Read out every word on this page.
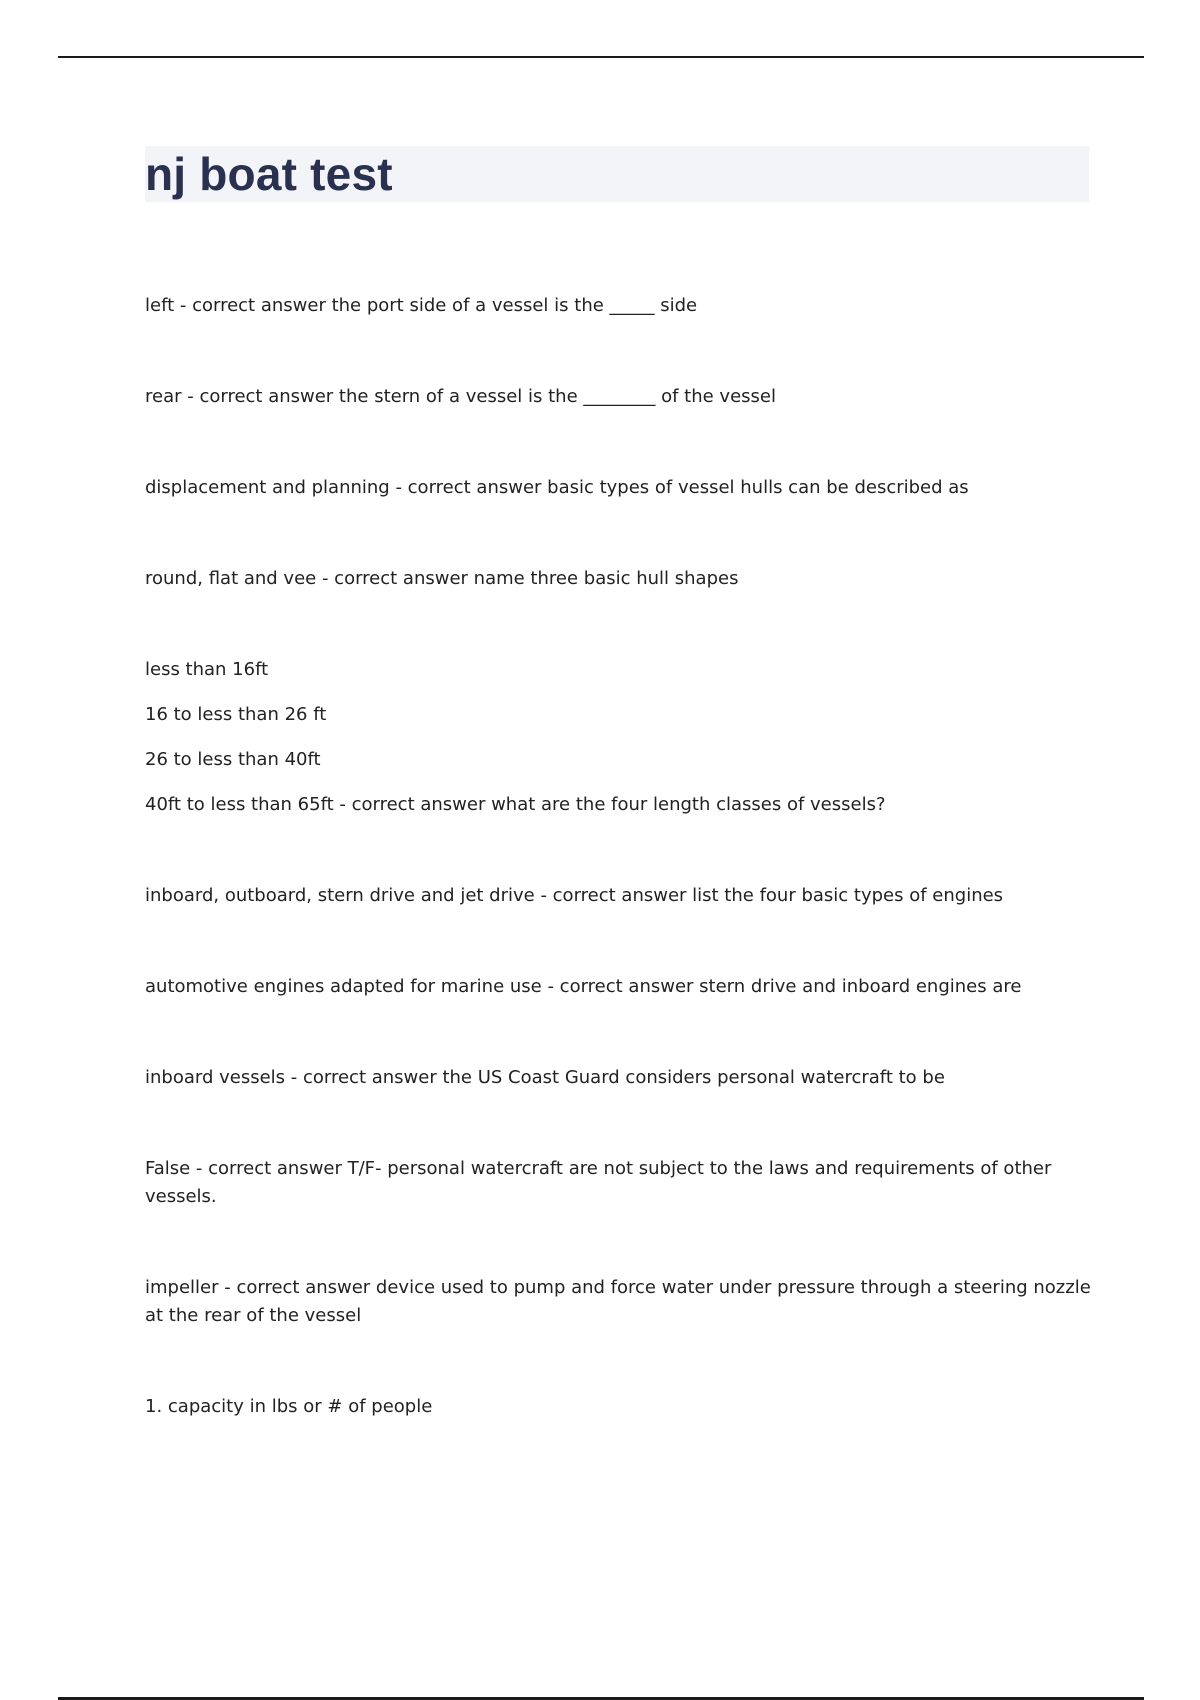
nj boat test

left - correct answer the port side of a vessel is the _____ side

rear - correct answer the stern of a vessel is the ________ of the vessel

displacement and planning - correct answer basic types of vessel hulls can be described as

round, flat and vee - correct answer name three basic hull shapes

less than 16ft

16 to less than 26 ft

26 to less than 40ft

40ft to less than 65ft - correct answer what are the four length classes of vessels?

inboard, outboard, stern drive and jet drive - correct answer list the four basic types of engines

automotive engines adapted for marine use - correct answer stern drive and inboard engines are

inboard vessels - correct answer the US Coast Guard considers personal watercraft to be

False - correct answer T/F- personal watercraft are not subject to the laws and requirements of other vessels.

impeller - correct answer device used to pump and force water under pressure through a steering nozzle at the rear of the vessel

1. capacity in lbs or # of people
